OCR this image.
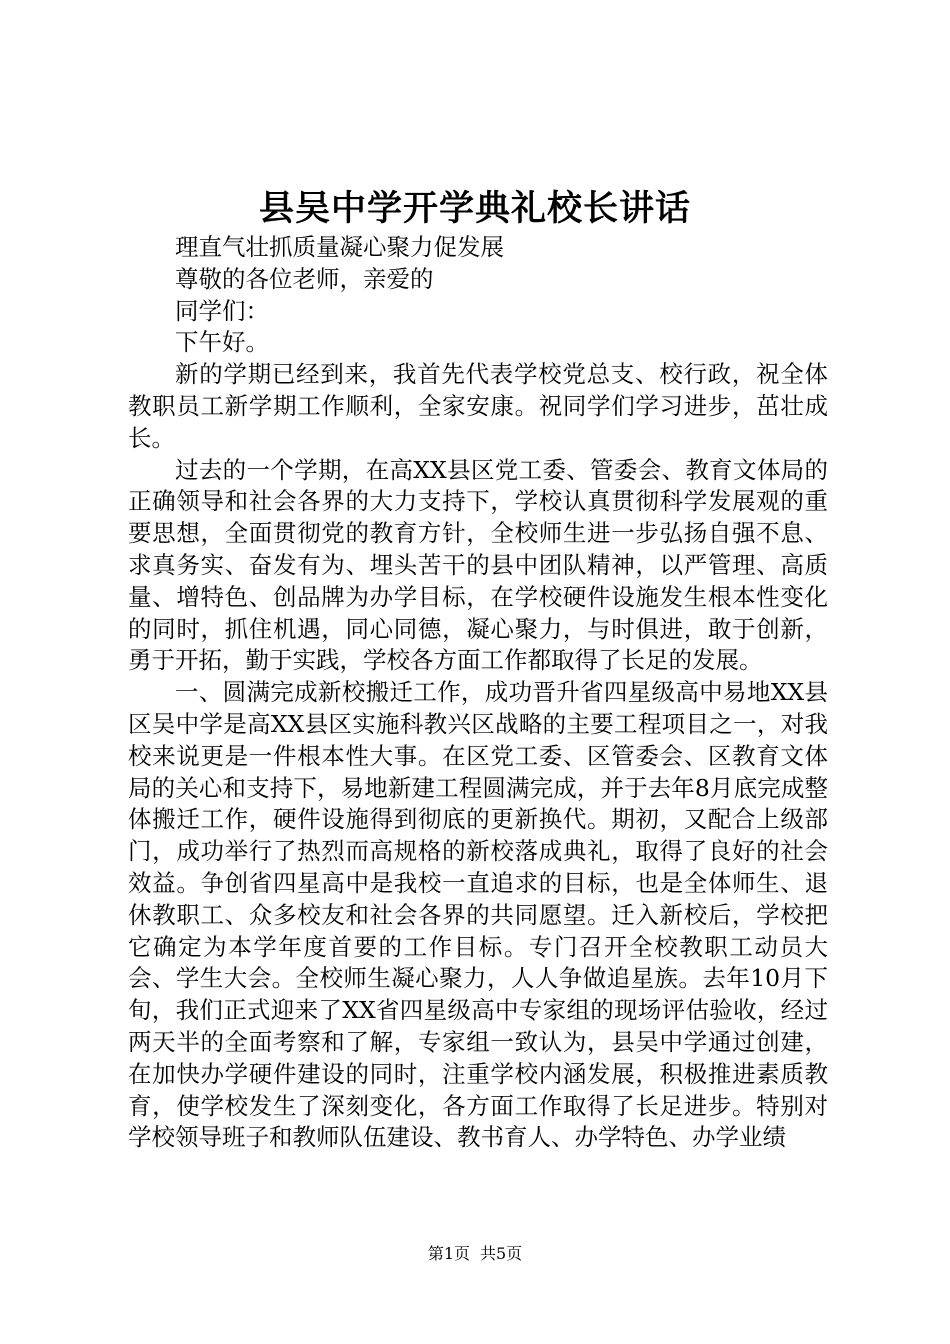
县吴中学开学典礼校长讲话

理直气壮抓质量凝心聚力促发展

尊敬的各位老师，亲爱的

同学们：

下午好。

新的学期已经到来，我首先代表学校党总支、校行政，祝全体教职员工新学期工作顺利，全家安康。祝同学们学习进步，茁壮成长。

过去的一个学期，在高XX县区党工委、管委会、教育文体局的正确领导和社会各界的大力支持下，学校认真贯彻科学发展观的重要思想，全面贯彻党的教育方针，全校师生进一步弘扬自强不息、求真务实、奋发有为、埋头苦干的县中团队精神，以严管理、高质量、增特色、创品牌为办学目标，在学校硬件设施发生根本性变化的同时，抓住机遇，同心同德，凝心聚力，与时俱进，敢于创新，勇于开拓，勤于实践，学校各方面工作都取得了长足的发展。

一、圆满完成新校搬迁工作，成功晋升省四星级高中易地XX县区吴中学是高XX县区实施科教兴区战略的主要工程项目之一，对我校来说更是一件根本性大事。在区党工委、区管委会、区教育文体局的关心和支持下，易地新建工程圆满完成，并于去年8月底完成整体搬迁工作，硬件设施得到彻底的更新换代。期初，又配合上级部门，成功举行了热烈而高规格的新校落成典礼，取得了良好的社会效益。争创省四星高中是我校一直追求的目标，也是全体师生、退休教职工、众多校友和社会各界的共同愿望。迁入新校后，学校把它确定为本学年度首要的工作目标。专门召开全校教职工动员大会、学生大会。全校师生凝心聚力，人人争做追星族。去年10月下旬，我们正式迎来了XX省四星级高中专家组的现场评估验收，经过两天半的全面考察和了解，专家组一致认为，县吴中学通过创建，在加快办学硬件建设的同时，注重学校内涵发展，积极推进素质教育，使学校发生了深刻变化，各方面工作取得了长足进步。特别对学校领导班子和教师队伍建设、教书育人、办学特色、办学业绩

第1页 共5页
